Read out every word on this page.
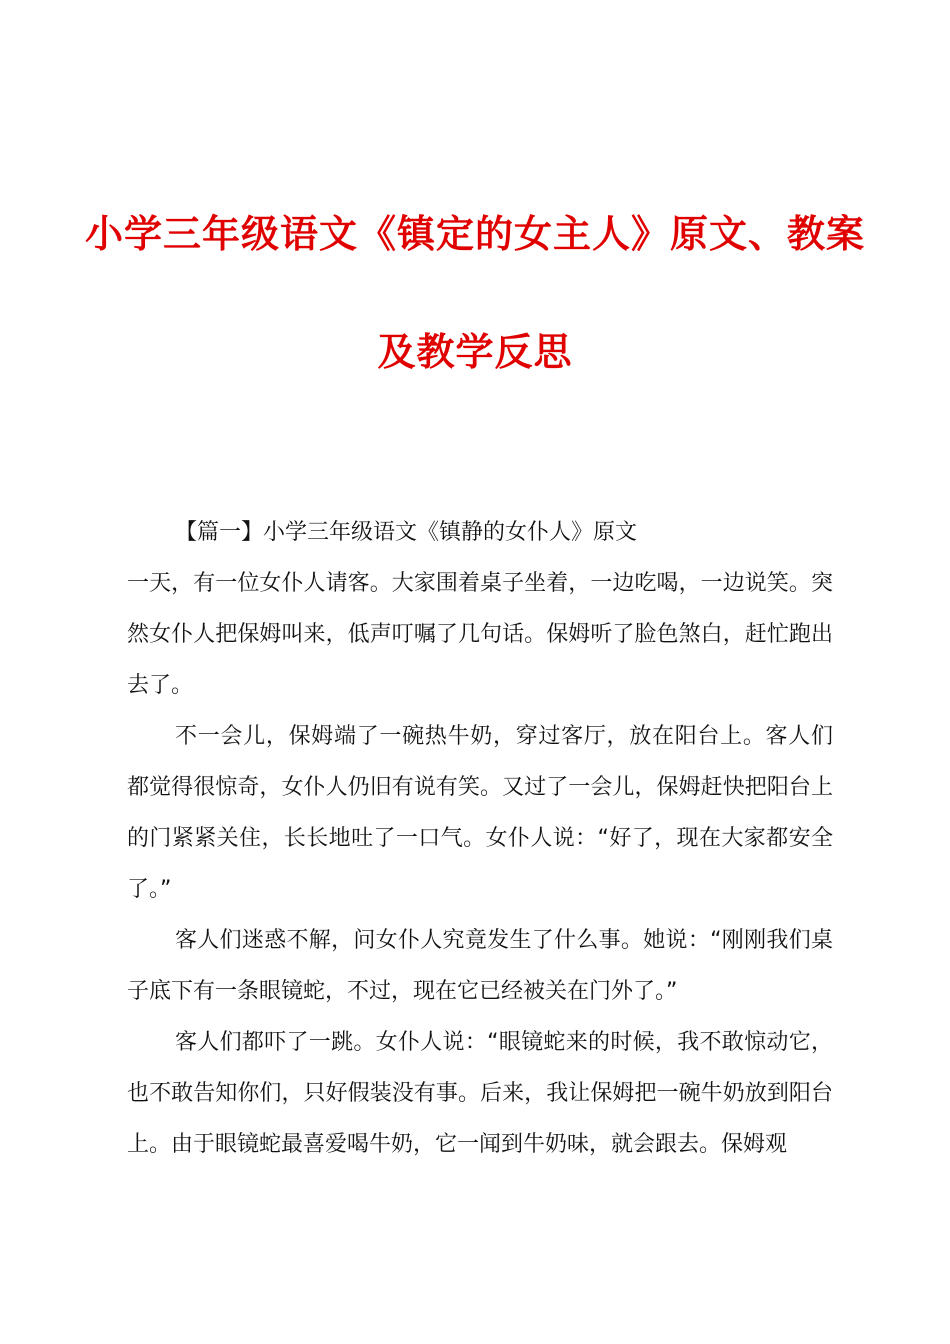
小学三年级语文《镇定的女主人》原文、教案
及教学反思
【篇一】小学三年级语文《镇静的女仆人》原文

一天，有一位女仆人请客。大家围着桌子坐着，一边吃喝，一边说笑。突然女仆人把保姆叫来，低声叮嘱了几句话。保姆听了脸色煞白，赶忙跑出去了。

不一会儿，保姆端了一碗热牛奶，穿过客厅，放在阳台上。客人们都觉得很惊奇，女仆人仍旧有说有笑。又过了一会儿，保姆赶快把阳台上的门紧紧关住，长长地吐了一口气。女仆人说：“好了，现在大家都安全了。”

客人们迷惑不解，问女仆人究竟发生了什么事。她说：“刚刚我们桌子底下有一条眼镜蛇，不过，现在它已经被关在门外了。”

客人们都吓了一跳。女仆人说：“眼镜蛇来的时候，我不敢惊动它，也不敢告知你们，只好假装没有事。后来，我让保姆把一碗牛奶放到阳台上。由于眼镜蛇最喜爱喝牛奶，它一闻到牛奶味，就会跟去。保姆观
